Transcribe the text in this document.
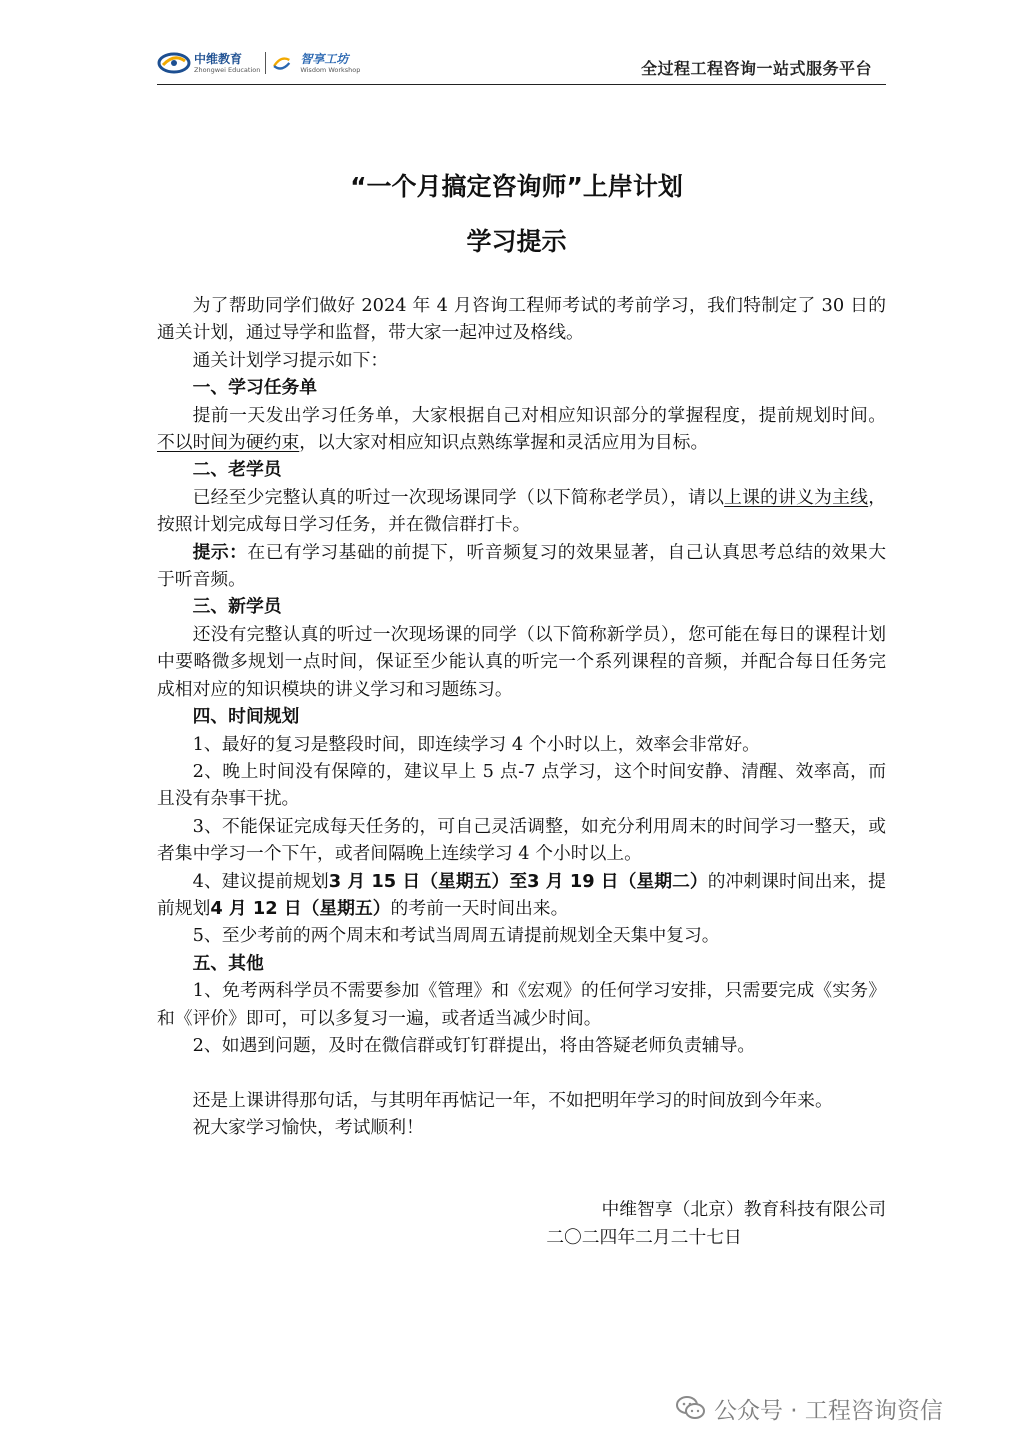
中维教育
Zhongwei Education
智享工坊
Wisdom Workshop	全过程工程咨询一站式服务平台
“一个月搞定咨询师”上岸计划
学习提示

为了帮助同学们做好 2024 年 4 月咨询工程师考试的考前学习，我们特制定了 30 日的通关计划，通过导学和监督，带大家一起冲过及格线。

通关计划学习提示如下：

一、学习任务单

提前一天发出学习任务单，大家根据自己对相应知识部分的掌握程度，提前规划时间。不以时间为硬约束，以大家对相应知识点熟练掌握和灵活应用为目标。

二、老学员

已经至少完整认真的听过一次现场课同学（以下简称老学员），请以上课的讲义为主线，按照计划完成每日学习任务，并在微信群打卡。

提示：在已有学习基础的前提下，听音频复习的效果显著，自己认真思考总结的效果大于听音频。

三、新学员

还没有完整认真的听过一次现场课的同学（以下简称新学员），您可能在每日的课程计划中要略微多规划一点时间，保证至少能认真的听完一个系列课程的音频，并配合每日任务完成相对应的知识模块的讲义学习和习题练习。

四、时间规划

1、最好的复习是整段时间，即连续学习 4 个小时以上，效率会非常好。

2、晚上时间没有保障的，建议早上 5 点-7 点学习，这个时间安静、清醒、效率高，而且没有杂事干扰。

3、不能保证完成每天任务的，可自己灵活调整，如充分利用周末的时间学习一整天，或者集中学习一个下午，或者间隔晚上连续学习 4 个小时以上。

4、建议提前规划3 月 15 日（星期五）至3 月 19 日（星期二）的冲刺课时间出来，提前规划4 月 12 日（星期五）的考前一天时间出来。

5、至少考前的两个周末和考试当周周五请提前规划全天集中复习。

五、其他

1、免考两科学员不需要参加《管理》和《宏观》的任何学习安排，只需要完成《实务》和《评价》即可，可以多复习一遍，或者适当减少时间。

2、如遇到问题，及时在微信群或钉钉群提出，将由答疑老师负责辅导。

还是上课讲得那句话，与其明年再惦记一年，不如把明年学习的时间放到今年来。

祝大家学习愉快，考试顺利！

中维智享（北京）教育科技有限公司
二〇二四年二月二十七日
公众号 · 工程咨询资信
